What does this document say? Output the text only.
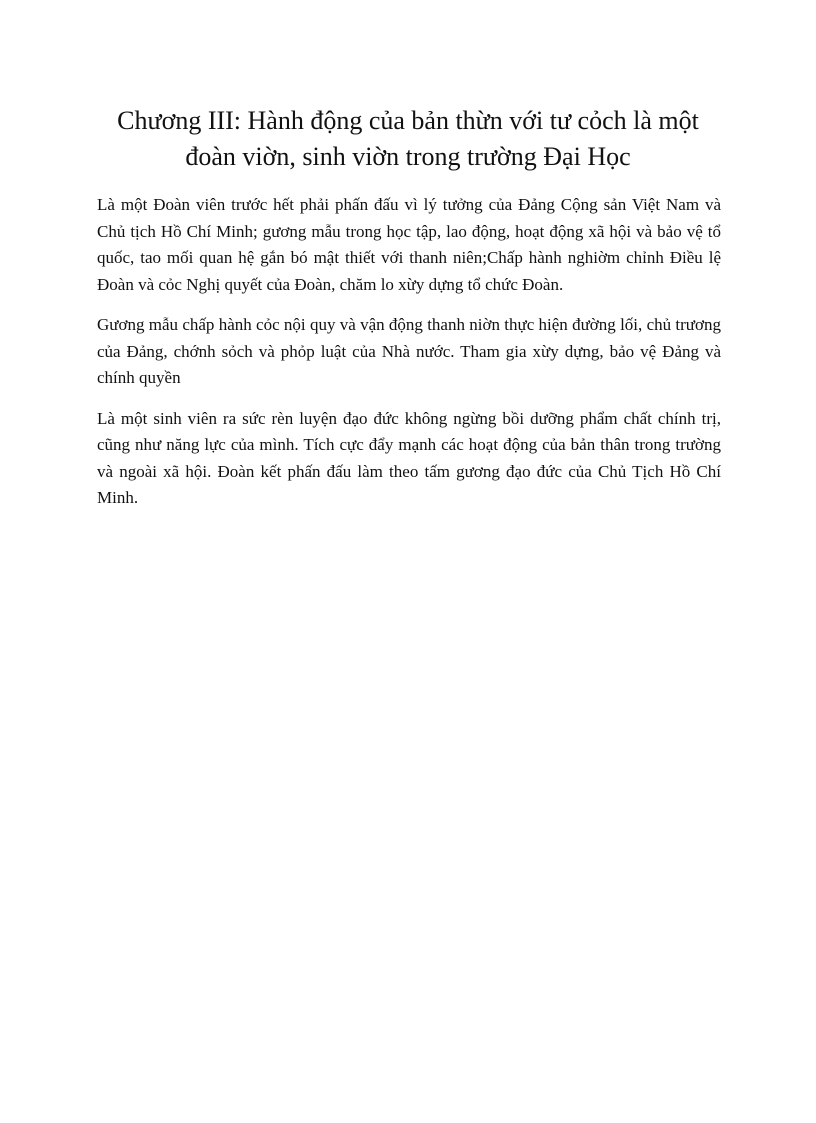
Chương III: Hành động của bản thừn với tư cỏch là một đoàn viờn, sinh viờn trong trường Đại Học

Là một Đoàn viên trước hết phải phấn đấu vì lý tưởng của Đảng Cộng sản Việt Nam và Chủ tịch Hồ Chí Minh; gương mẫu trong học tập, lao động, hoạt động xã hội và bảo vệ tổ quốc, tao mối quan hệ gắn bó mật thiết với thanh niên;Chấp hành nghiờm chỉnh Điều lệ Đoàn và cỏc Nghị quyết của Đoàn, chăm lo xừy dựng tổ chức Đoàn.

Gương mẫu chấp hành cỏc nội quy và vận động thanh niờn thực hiện đường lối, chủ trương của Đảng, chớnh sỏch và phỏp luật của Nhà nước. Tham gia xừy dựng, bảo vệ Đảng và chính quyền

Là một sinh viên ra sức rèn luyện đạo đức không ngừng bồi dưỡng phẩm chất chính trị, cũng như năng lực của mình. Tích cực đẩy mạnh các hoạt động của bản thân trong trường và ngoài xã hội. Đoàn kết phấn đấu làm theo tấm gương đạo đức của Chủ Tịch Hồ Chí Minh.
